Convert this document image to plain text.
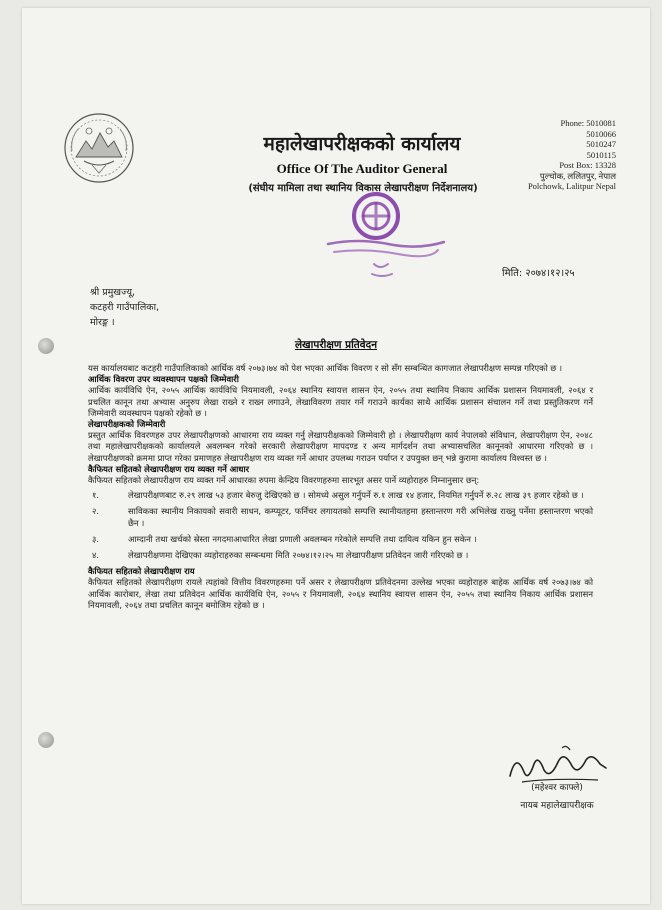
महालेखापरीक्षकको कार्यालय
Office Of The Auditor General
(संघीय मामिला तथा स्थानिय विकास लेखापरीक्षण निर्देशनालय)
Phone: 5010081
5010066
5010247
5010115
Post Box: 13328
पुल्चोक, ललितपुर, नेपाल
Polchowk, Lalitpur Nepal
मिति: २०७४।१२।२५
श्री प्रमुखज्यू,
कटहरी गाउँपालिका,
मोरङ्ग ।
लेखापरीक्षण प्रतिवेदन

यस कार्यालयबाट कटहरी गाउँपालिकाको आर्थिक वर्ष २०७३।७४ को पेश भएका आर्थिक विवरण र सो सँग सम्बन्धित कागजात लेखापरीक्षण सम्पन्न गरिएको छ ।

आर्थिक विवरण उपर व्यवस्थापन पक्षको जिम्मेवारी

आर्थिक कार्यविधि ऐन, २०५५ आर्थिक कार्यविधि नियमावली, २०६४ स्थानिय स्वायत्त शासन ऐन, २०५५ तथा स्थानिय निकाय आर्थिक प्रशासन नियमावली, २०६४ र प्रचलित कानून तथा अभ्यास अनुरुप लेखा राख्ने र राख्न लगाउने, लेखाविवरण तयार गर्ने गराउने कार्यका साथै आर्थिक प्रशासन संचालन गर्ने तथा प्रस्तुतिकरण गर्ने जिम्मेवारी व्यवस्थापन पक्षको रहेको छ ।

लेखापरीक्षकको जिम्मेवारी

प्रस्तुत आर्थिक विवरणहरु उपर लेखापरीक्षणको आधारमा राय व्यक्त गर्नु लेखापरीक्षकको जिम्मेवारी हो । लेखापरीक्षण कार्य नेपालको संविधान, लेखापरीक्षण ऐन, २०४८ तथा महालेखापरीक्षकको कार्यालयले अवलम्बन गरेको सरकारी लेखापरीक्षण मापदण्ड र अन्य मार्गदर्शन तथा अभ्यासचलित कानूनको आधारमा गरिएको छ । लेखापरीक्षणको क्रममा प्राप्त गरेका प्रमाणहरु लेखापरीक्षण राय व्यक्त गर्ने आधार उपलब्ध गराउन पर्याप्त र उपयुक्त छन् भन्ने कुरामा कार्यालय विश्वस्त छ ।

कैफियत सहितको लेखापरीक्षण राय व्यक्त गर्ने आधार

कैफियत सहितको लेखापरीक्षण राय व्यक्त गर्ने आधारका रुपमा केन्द्रिय विवरणहरुमा सारभूत असर पार्ने व्यहोराहरु निम्नानुसार छन्:

१.	लेखापरीक्षणबाट रु.२९ लाख ५३ हजार बेरुजु देखिएको छ । सोमध्ये असुल गर्नुपर्ने रु.१ लाख १४ हजार, नियमित गर्नुपर्ने रु.२८ लाख ३९ हजार रहेको छ ।
२.	साविकका स्थानीय निकायको सवारी साधन, कम्प्यूटर, फर्निचर लगायतको सम्पत्ति स्थानीयतहमा हस्तान्तरण गरी अभिलेख राख्नु पर्नेमा हस्तान्तरण भएको छैन ।
३.	आम्दानी तथा खर्चको स्रेस्ता नगदमाआधारित लेखा प्रणाली अवलम्बन गरेकोले सम्पत्ति तथा दायित्व यकिन हुन सकेन ।
४.	लेखापरीक्षणमा देखिएका व्यहोराहरुका सम्बन्धमा मिति २०७४।१२।२५ मा लेखापरीक्षण प्रतिवेदन जारी गरिएको छ ।

कैफियत सहितको लेखापरीक्षण राय

कैफियत सहितको लेखापरीक्षण रायले त्यहांको वित्तीय विवरणहरुमा पर्ने असर र लेखापरीक्षण प्रतिवेदनमा उल्लेख भएका व्यहोराहरु बाहेक आर्थिक वर्ष २०७३।७४ को आर्थिक कारोबार, लेखा तथा प्रतिवेदन आर्थिक कार्यविधि ऐन, २०५५ र नियमावली, २०६४ स्थानिय स्वायत्त शासन ऐन, २०५५ तथा स्थानिय निकाय आर्थिक प्रशासन नियमावली, २०६४ तथा प्रचलित कानून बमोजिम रहेको छ ।

(महेश्वर काफ्ले)
नायब महालेखापरीक्षक
